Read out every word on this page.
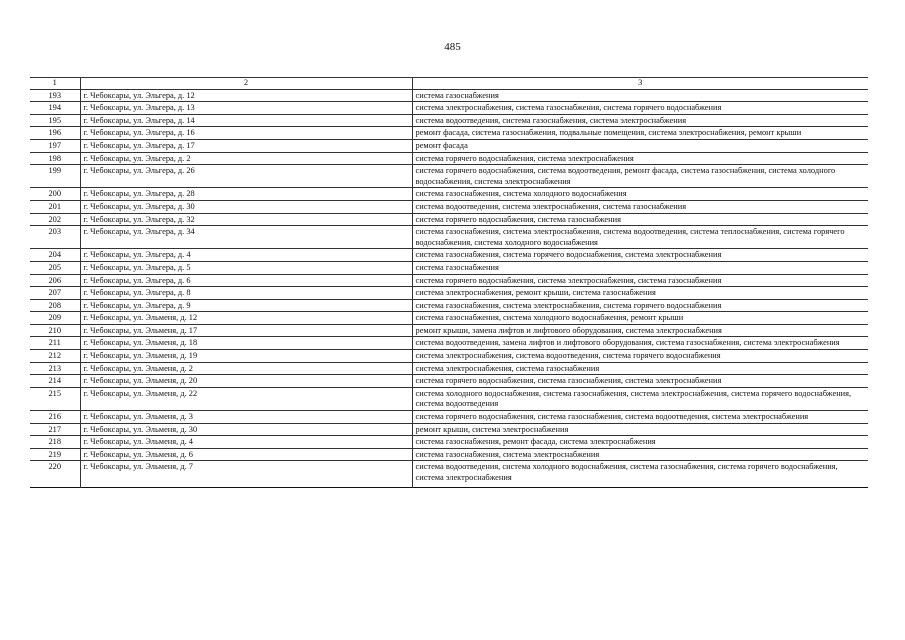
485
1	2	3
193	г. Чебоксары, ул. Эльгера, д. 12	система газоснабжения
194	г. Чебоксары, ул. Эльгера, д. 13	система электроснабжения, система газоснабжения, система горячего водоснабжения
195	г. Чебоксары, ул. Эльгера, д. 14	система водоотведения, система газоснабжения, система электроснабжения
196	г. Чебоксары, ул. Эльгера, д. 16	ремонт фасада, система газоснабжения, подвальные помещения, система электроснабжения, ремонт крыши
197	г. Чебоксары, ул. Эльгера, д. 17	ремонт фасада
198	г. Чебоксары, ул. Эльгера, д. 2	система горячего водоснабжения, система электроснабжения
199	г. Чебоксары, ул. Эльгера, д. 26	система горячего водоснабжения, система водоотведения, ремонт фасада, система газоснабжения, система холодного водоснабжения, система электроснабжения
200	г. Чебоксары, ул. Эльгера, д. 28	система газоснабжения, система холодного водоснабжения
201	г. Чебоксары, ул. Эльгера, д. 30	система водоотведения, система электроснабжения, система газоснабжения
202	г. Чебоксары, ул. Эльгера, д. 32	система горячего водоснабжения, система газоснабжения
203	г. Чебоксары, ул. Эльгера, д. 34	система газоснабжения, система электроснабжения, система водоотведения, система теплоснабжения, система горячего водоснабжения, система холодного водоснабжения
204	г. Чебоксары, ул. Эльгера, д. 4	система газоснабжения, система горячего водоснабжения, система электроснабжения
205	г. Чебоксары, ул. Эльгера, д. 5	система газоснабжения
206	г. Чебоксары, ул. Эльгера, д. 6	система горячего водоснабжения, система электроснабжения, система газоснабжения
207	г. Чебоксары, ул. Эльгера, д. 8	система электроснабжения, ремонт крыши, система газоснабжения
208	г. Чебоксары, ул. Эльгера, д. 9	система газоснабжения, система электроснабжения, система горячего водоснабжения
209	г. Чебоксары, ул. Эльменя, д. 12	система газоснабжения, система холодного водоснабжения, ремонт крыши
210	г. Чебоксары, ул. Эльменя, д. 17	ремонт крыши, замена лифтов и лифтового оборудования, система электроснабжения
211	г. Чебоксары, ул. Эльменя, д. 18	система водоотведения, замена лифтов и лифтового оборудования, система газоснабжения, система электроснабжения
212	г. Чебоксары, ул. Эльменя, д. 19	система электроснабжения, система водоотведения, система горячего водоснабжения
213	г. Чебоксары, ул. Эльменя, д. 2	система электроснабжения, система газоснабжения
214	г. Чебоксары, ул. Эльменя, д. 20	система горячего водоснабжения, система газоснабжения, система электроснабжения
215	г. Чебоксары, ул. Эльменя, д. 22	система холодного водоснабжения, система газоснабжения, система электроснабжения, система горячего водоснабжения, система водоотведения
216	г. Чебоксары, ул. Эльменя, д. 3	система горячего водоснабжения, система газоснабжения, система водоотведения, система электроснабжения
217	г. Чебоксары, ул. Эльменя, д. 30	ремонт крыши, система электроснабжения
218	г. Чебоксары, ул. Эльменя, д. 4	система газоснабжения, ремонт фасада, система электроснабжения
219	г. Чебоксары, ул. Эльменя, д. 6	система газоснабжения, система электроснабжения
220	г. Чебоксары, ул. Эльменя, д. 7	система водоотведения, система холодного водоснабжения, система газоснабжения, система горячего водоснабжения, система электроснабжения
